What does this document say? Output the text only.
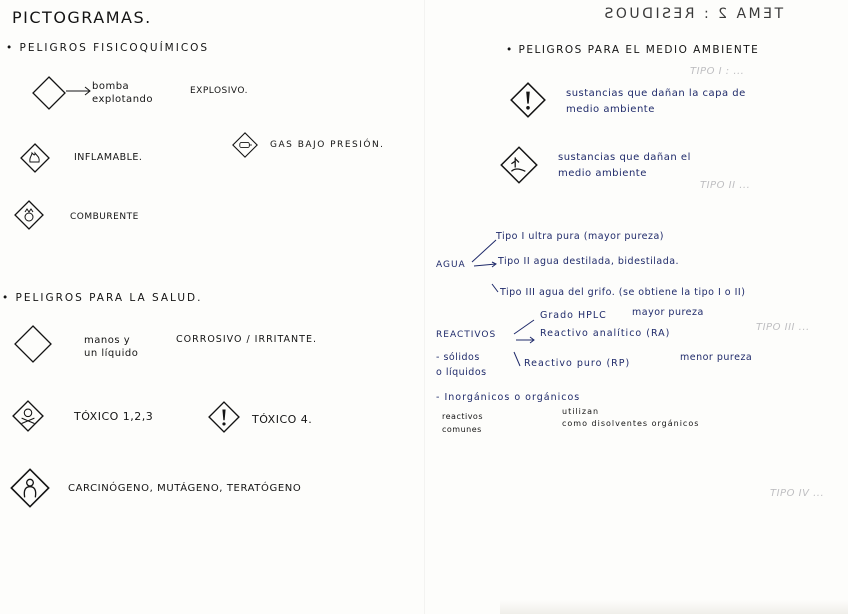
PICTOGRAMAS.
• PELIGROS FISICOQUÍMICOS
bomba
explotando
EXPLOSIVO.
INFLAMABLE.
GAS BAJO PRESIÓN.
COMBURENTE
• PELIGROS PARA LA SALUD.
manos y
un líquido
CORROSIVO / IRRITANTE.
TÓXICO 1,2,3	TÓXICO 4.
CARCINÓGENO, MUTÁGENO, TERATÓGENO
TEMA 2 : RESIDUOS
• PELIGROS PARA EL MEDIO AMBIENTE
TIPO I : ...
TIPO II ...
TIPO III ...
TIPO IV ...
sustancias que dañan la capa de
medio ambiente
sustancias que dañan el
medio ambiente
AGUA
Tipo I ultra pura (mayor pureza)
Tipo II agua destilada, bidestilada.
Tipo III agua del grifo. (se obtiene la tipo I o II)
REACTIVOS
Grado HPLC	mayor pureza
Reactivo analítico (RA)
- sólidos
o líquidos
Reactivo puro (RP)
menor pureza
- Inorgánicos o orgánicos
reactivos
comunes
utilizan
como disolventes orgánicos
